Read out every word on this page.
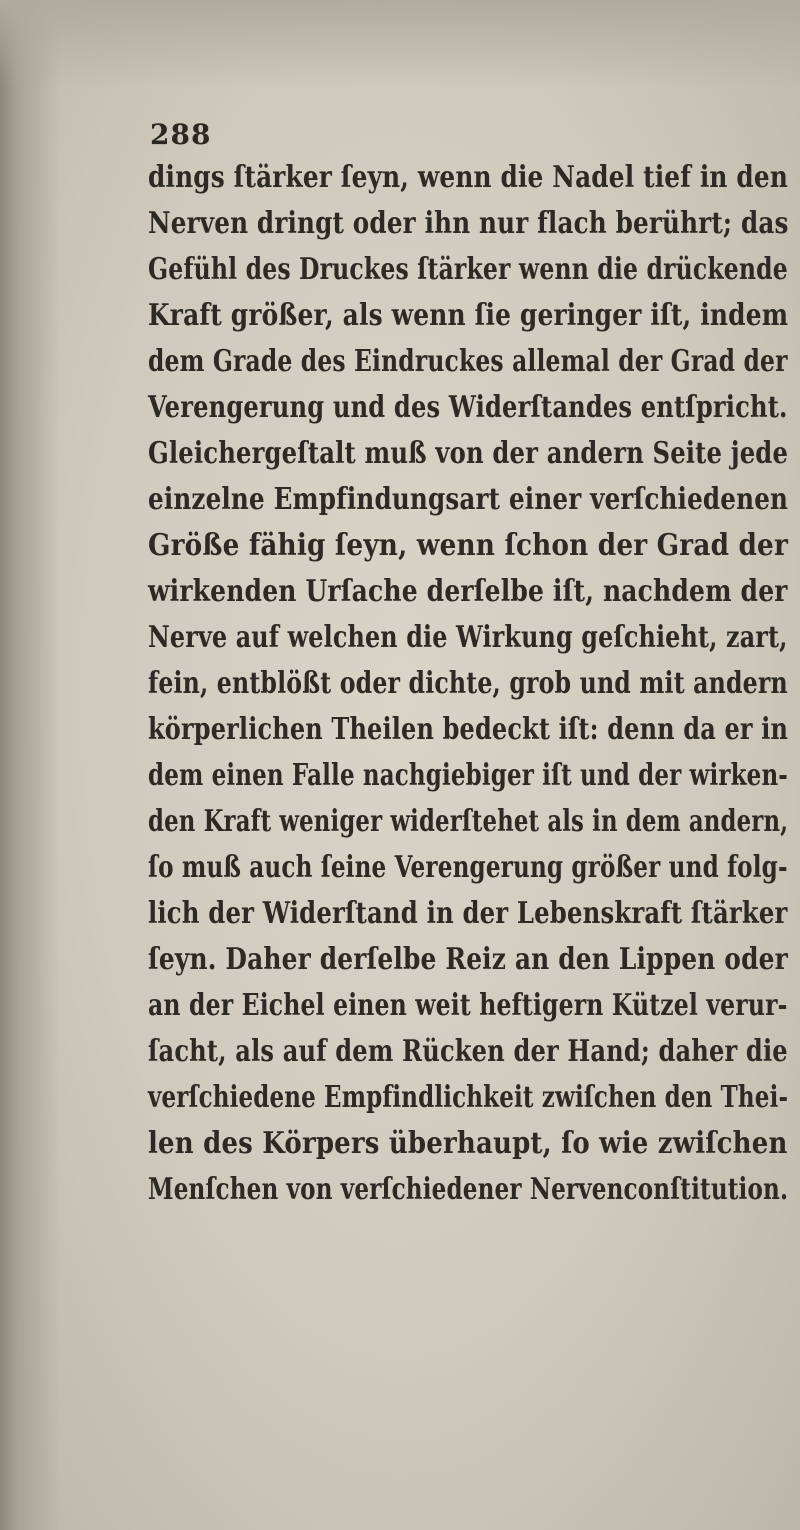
288
dings ſtärker ſeyn, wenn die Nadel tief in den
Nerven dringt oder ihn nur flach berührt; das
Gefühl des Druckes ſtärker wenn die drückende
Kraft größer, als wenn ſie geringer iſt, indem
dem Grade des Eindruckes allemal der Grad der
Verengerung und des Widerſtandes entſpricht.
Gleichergeſtalt muß von der andern Seite jede
einzelne Empfindungsart einer verſchiedenen
Größe fähig ſeyn, wenn ſchon der Grad der
wirkenden Urſache derſelbe iſt, nachdem der
Nerve auf welchen die Wirkung geſchieht, zart,
fein, entblößt oder dichte, grob und mit andern
körperlichen Theilen bedeckt iſt: denn da er in
dem einen Falle nachgiebiger iſt und der wirken-
den Kraft weniger widerſtehet als in dem andern,
ſo muß auch ſeine Verengerung größer und folg-
lich der Widerſtand in der Lebenskraft ſtärker
ſeyn. Daher derſelbe Reiz an den Lippen oder
an der Eichel einen weit heftigern Kützel verur-
ſacht, als auf dem Rücken der Hand; daher die
verſchiedene Empfindlichkeit zwiſchen den Thei-
len des Körpers überhaupt, ſo wie zwiſchen
Menſchen von verſchiedener Nervenconſtitution.
